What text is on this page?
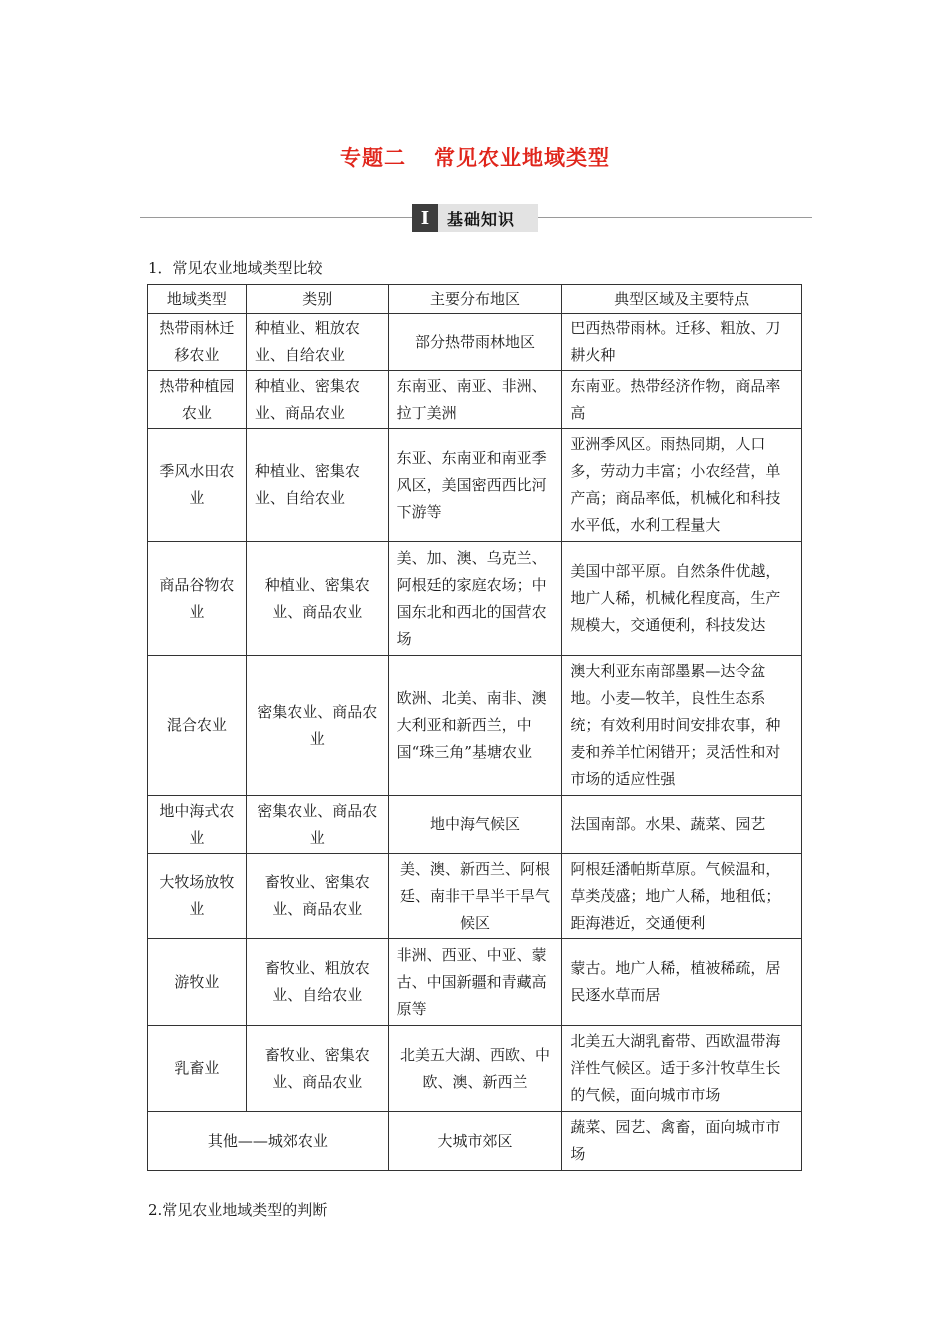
专题二 常见农业地域类型
I	基础知识
1．常见农业地域类型比较
地域类型	类别	主要分布地区	典型区域及主要特点
热带雨林迁移农业	种植业、粗放农业、自给农业	部分热带雨林地区	巴西热带雨林。迁移、粗放、刀耕火种
热带种植园农业	种植业、密集农业、商品农业	东南亚、南亚、非洲、拉丁美洲	东南亚。热带经济作物，商品率高
季风水田农业	种植业、密集农业、自给农业	东亚、东南亚和南亚季风区，美国密西西比河下游等	亚洲季风区。雨热同期，人口多，劳动力丰富；小农经营，单产高；商品率低，机械化和科技水平低，水利工程量大
商品谷物农业	种植业、密集农业、商品农业	美、加、澳、乌克兰、阿根廷的家庭农场；中国东北和西北的国营农场	美国中部平原。自然条件优越，地广人稀，机械化程度高，生产规模大，交通便利，科技发达
混合农业	密集农业、商品农业	欧洲、北美、南非、澳大利亚和新西兰，中国“珠三角”基塘农业	澳大利亚东南部墨累—达令盆地。小麦—牧羊，良性生态系统；有效利用时间安排农事，种麦和养羊忙闲错开；灵活性和对市场的适应性强
地中海式农业	密集农业、商品农业	地中海气候区	法国南部。水果、蔬菜、园艺
大牧场放牧业	畜牧业、密集农业、商品农业	美、澳、新西兰、阿根廷、南非干旱半干旱气候区	阿根廷潘帕斯草原。气候温和，草类茂盛；地广人稀，地租低；距海港近，交通便利
游牧业	畜牧业、粗放农业、自给农业	非洲、西亚、中亚、蒙古、中国新疆和青藏高原等	蒙古。地广人稀，植被稀疏，居民逐水草而居
乳畜业	畜牧业、密集农业、商品农业	北美五大湖、西欧、中欧、澳、新西兰	北美五大湖乳畜带、西欧温带海洋性气候区。适于多汁牧草生长的气候，面向城市市场
其他——城郊农业		大城市郊区	蔬菜、园艺、禽畜，面向城市市场
2.常见农业地域类型的判断
